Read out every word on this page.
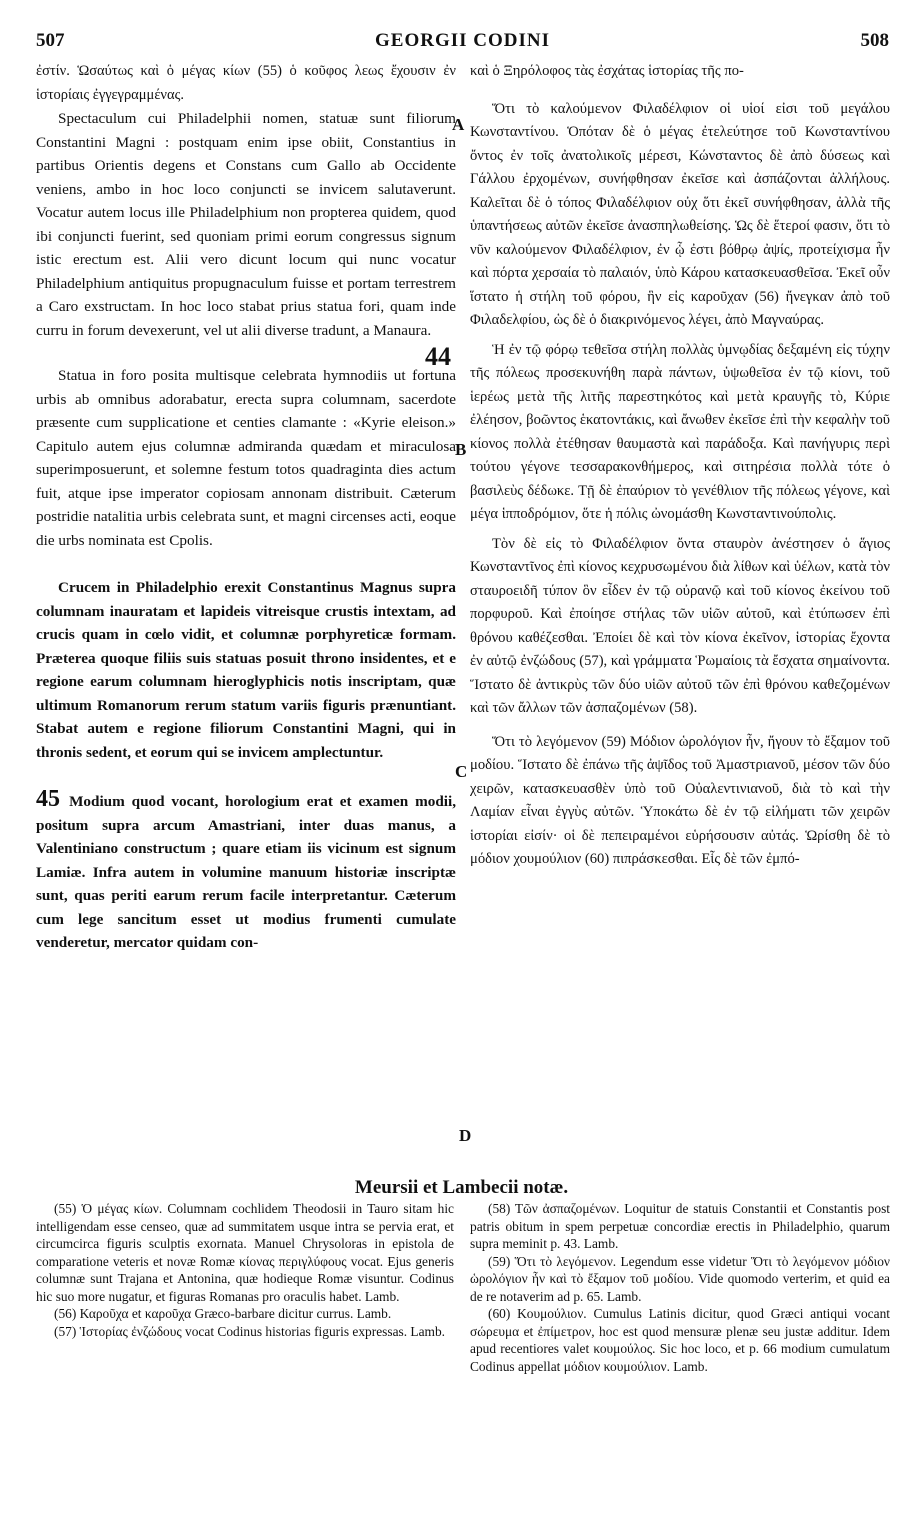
507	GEORGII CODINI	508

ἐστίν. Ὡσαύτως καὶ ὁ μέγας κίων (55) ὁ κοῦφος λεως ἔχουσιν ἐν ἱστορίαις ἐγγεγραμμένας.

Spectaculum cui Philadelphii nomen, statuæ sunt filiorum Constantini Magni : postquam enim ipse obiit, Constantius in partibus Orientis degens et Constans cum Gallo ab Occidente veniens, ambo in hoc loco conjuncti se invicem salutaverunt. Vocatur autem locus ille Philadelphium non propterea quidem, quod ibi conjuncti fuerint, sed quoniam primi eorum congressus signum istic erectum est. Alii vero dicunt locum qui nunc vocatur Philadelphium antiquitus propugnaculum fuisse et portam terrestrem a Caro exstructam. In hoc loco stabat prius statua fori, quam inde curru in forum devexerunt, vel ut alii diverse tradunt, a Manaura.

Statua in foro posita multisque celebrata hymnodiis ut fortuna urbis ab omnibus adorabatur, erecta supra columnam, sacerdote præsente cum supplicatione et centies clamante : «Kyrie eleison.» Capitulo autem ejus columnæ admiranda quædam et miraculosa superimposuerunt, et solemne festum totos quadraginta dies actum fuit, atque ipse imperator copiosam annonam distribuit. Cæterum postridie natalitia urbis celebrata sunt, et magni circenses acti, eoque die urbs nominata est Cpolis.

Crucem in Philadelphio erexit Constantinus Magnus supra columnam inauratam et lapideis vitreisque crustis intextam, ad crucis quam in cœlo vidit, et columnæ porphyreticæ formam. Præterea quoque filiis suis statuas posuit throno insidentes, et e regione earum columnam hieroglyphicis notis inscriptam, quæ ultimum Romanorum rerum statum variis figuris prænuntiant. Stabat autem e regione filiorum Constantini Magni, qui in thronis sedent, et eorum qui se invicem amplectuntur.

45 Modium quod vocant, horologium erat et examen modii, positum supra arcum Amastriani, inter duas manus, a Valentiniano constructum ; quare etiam iis vicinum est signum Lamiæ. Infra autem in volumine manuum historiæ inscriptæ sunt, quas periti earum rerum facile interpretantur. Cæterum cum lege sancitum esset ut modius frumenti cumulate venderetur, mercator quidam con-

καὶ ὁ Ξηρόλοφος τὰς ἐσχάτας ἱστορίας τῆς πο-

Ὅτι τὸ καλούμενον Φιλαδέλφιον οἱ υἱοί εἰσι τοῦ μεγάλου Κωνσταντίνου. Ὁπόταν δὲ ὁ μέγας ἐτελεύτησε τοῦ Κωνσταντίνου ὄντος ἐν τοῖς ἀνατολικοῖς μέρεσι, Κώνσταντος δὲ ἀπὸ δύσεως καὶ Γάλλου ἐρχομένων, συνήφθησαν ἐκεῖσε καὶ ἀσπάζονται ἀλλήλους. Καλεῖται δὲ ὁ τόπος Φιλαδέλφιον οὐχ ὅτι ἐκεῖ συνήφθησαν, ἀλλὰ τῆς ὑπαντήσεως αὐτῶν ἐκεῖσε ἀνασπηλωθείσης. Ὡς δὲ ἕτεροί φασιν, ὅτι τὸ νῦν καλούμενον Φιλαδέλφιον, ἐν ᾧ ἐστι βόθρῳ ἀψίς, προτείχισμα ἦν καὶ πόρτα χερσαία τὸ παλαιόν, ὑπὸ Κάρου κατασκευασθεῖσα. Ἐκεῖ οὖν ἵστατο ἡ στήλη τοῦ φόρου, ἣν εἰς καροῦχαν (56) ἤνεγκαν ἀπὸ τοῦ Φιλαδελφίου, ὡς δὲ ὁ διακρινόμενος λέγει, ἀπὸ Μαγναύρας.

Ἡ ἐν τῷ φόρῳ τεθεῖσα στήλη πολλὰς ὑμνῳδίας δεξαμένη εἰς τύχην τῆς πόλεως προσεκυνήθη παρὰ πάντων, ὑψωθεῖσα ἐν τῷ κίονι, τοῦ ἱερέως μετὰ τῆς λιτῆς παρεστηκότος καὶ μετὰ κραυγῆς τὸ, Κύριε ἐλέησον, βοῶντος ἑκατοντάκις, καὶ ἄνωθεν ἐκεῖσε ἐπὶ τὴν κεφαλὴν τοῦ κίονος πολλὰ ἐτέθησαν θαυμαστὰ καὶ παράδοξα. Καὶ πανήγυρις περὶ τούτου γέγονε τεσσαρακονθήμερος, καὶ σιτηρέσια πολλὰ τότε ὁ βασιλεὺς δέδωκε. Τῇ δὲ ἐπαύριον τὸ γενέθλιον τῆς πόλεως γέγονε, καὶ μέγα ἱπποδρόμιον, ὅτε ἡ πόλις ὠνομάσθη Κωνσταντινούπολις.

Τὸν δὲ εἰς τὸ Φιλαδέλφιον ὄντα σταυρὸν ἀνέστησεν ὁ ἅγιος Κωνσταντῖνος ἐπὶ κίονος κεχρυσωμένου διὰ λίθων καὶ ὑέλων, κατὰ τὸν σταυροειδῆ τύπον ὃν εἶδεν ἐν τῷ οὐρανῷ καὶ τοῦ κίονος ἐκείνου τοῦ πορφυροῦ. Καὶ ἐποίησε στήλας τῶν υἱῶν αὐτοῦ, καὶ ἐτύπωσεν ἐπὶ θρόνου καθέζεσθαι. Ἐποίει δὲ καὶ τὸν κίονα ἐκεῖνον, ἱστορίας ἔχοντα ἐν αὐτῷ ἐνζώδους (57), καὶ γράμματα Ῥωμαίοις τὰ ἔσχατα σημαίνοντα. Ἵστατο δὲ ἀντικρὺς τῶν δύο υἱῶν αὐτοῦ τῶν ἐπὶ θρόνου καθεζομένων καὶ τῶν ἄλλων τῶν ἀσπαζομένων (58).

Ὅτι τὸ λεγόμενον (59) Μόδιον ὡρολόγιον ἦν, ἤγουν τὸ ἔξαμον τοῦ μοδίου. Ἵστατο δὲ ἐπάνω τῆς ἀψῖδος τοῦ Ἀμαστριανοῦ, μέσον τῶν δύο χειρῶν, κατασκευασθὲν ὑπὸ τοῦ Οὐαλεντινιανοῦ, διὰ τὸ καὶ τὴν Λαμίαν εἶναι ἐγγὺς αὐτῶν. Ὑποκάτω δὲ ἐν τῷ εἰλήματι τῶν χειρῶν ἱστορίαι εἰσίν· οἱ δὲ πεπειραμένοι εὑρήσουσιν αὐτάς. Ὡρίσθη δὲ τὸ μόδιον χουμούλιον (60) πιπράσκεσθαι. Εἷς δὲ τῶν ἐμπό-

A
B
C
D
44
Meursii et Lambecii notæ.

(55) Ὁ μέγας κίων. Columnam cochlidem Theodosii in Tauro sitam hic intelligendam esse censeo, quæ ad summitatem usque intra se pervia erat, et circumcirca figuris sculptis exornata. Manuel Chrysoloras in epistola de comparatione veteris et novæ Romæ κίονας περιγλύφους vocat. Ejus generis columnæ sunt Trajana et Antonina, quæ hodieque Romæ visuntur. Codinus hic suo more nugatur, et figuras Romanas pro oraculis habet. Lamb.

(56) Καροῦχα et καροῦχα Græco-barbare dicitur currus. Lamb.

(57) Ἱστορίας ἐνζώδους vocat Codinus historias figuris expressas. Lamb.

(58) Τῶν ἀσπαζομένων. Loquitur de statuis Constantii et Constantis post patris obitum in spem perpetuæ concordiæ erectis in Philadelphio, quarum supra meminit p. 43. Lamb.

(59) Ὅτι τὸ λεγόμενον. Legendum esse videtur Ὅτι τὸ λεγόμενον μόδιον ὡρολόγιον ἦν καὶ τὸ ἔξαμον τοῦ μοδίου. Vide quomodo verterim, et quid ea de re notaverim ad p. 65. Lamb.

(60) Κουμούλιον. Cumulus Latinis dicitur, quod Græci antiqui vocant σώρευμα et ἐπίμετρον, hoc est quod mensuræ plenæ seu justæ additur. Idem apud recentiores valet κουμούλος. Sic hoc loco, et p. 66 modium cumulatum Codinus appellat μόδιον κουμούλιον. Lamb.
